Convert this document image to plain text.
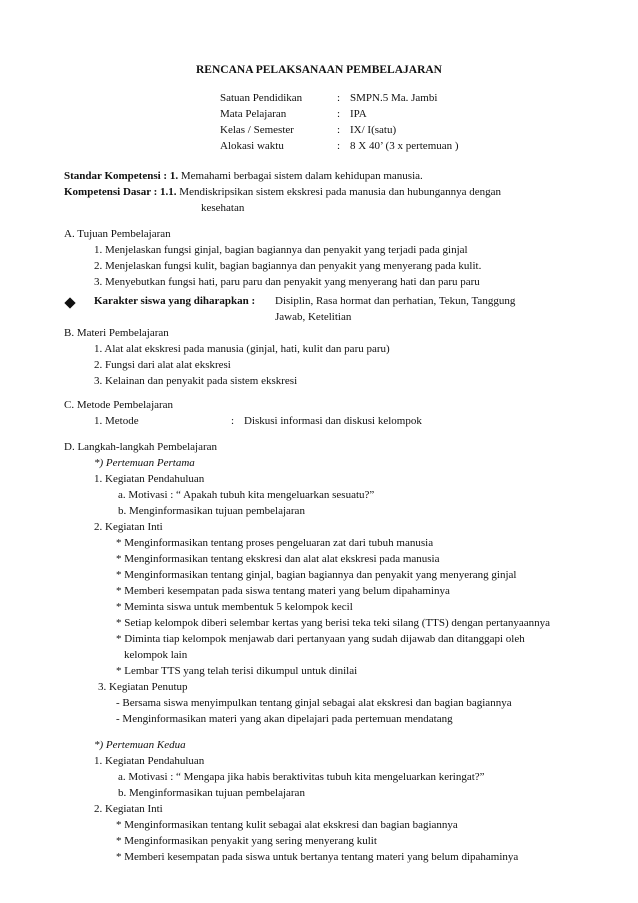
RENCANA PELAKSANAAN PEMBELAJARAN
Satuan Pendidikan	: SMPN.5 Ma. Jambi
Mata Pelajaran	: IPA
Kelas / Semester	: IX/ I(satu)
Alokasi waktu	: 8 X 40’ (3 x pertemuan )
Standar Kompetensi : 1. Memahami berbagai sistem dalam kehidupan manusia.
Kompetensi Dasar : 1.1. Mendiskripsikan sistem ekskresi pada manusia dan hubungannya dengan
kesehatan
A. Tujuan Pembelajaran
1. Menjelaskan fungsi ginjal, bagian bagiannya dan penyakit yang terjadi pada ginjal
2. Menjelaskan fungsi kulit, bagian bagiannya dan penyakit yang menyerang pada kulit.
3. Menyebutkan fungsi hati, paru paru dan penyakit yang menyerang hati dan paru paru
Karakter siswa yang diharapkan : Disiplin, Rasa hormat dan perhatian, Tekun, Tanggung
Jawab, Ketelitian
B. Materi Pembelajaran
1. Alat alat ekskresi pada manusia (ginjal, hati, kulit dan paru paru)
2. Fungsi dari alat alat ekskresi
3. Kelainan dan penyakit pada sistem ekskresi
C. Metode Pembelajaran
1. Metode	: Diskusi informasi dan diskusi kelompok
D. Langkah-langkah Pembelajaran
*) Pertemuan Pertama
1. Kegiatan Pendahuluan
a. Motivasi : “ Apakah tubuh kita mengeluarkan sesuatu?”
b. Menginformasikan tujuan pembelajaran
2. Kegiatan Inti
* Menginformasikan tentang proses pengeluaran zat dari tubuh manusia
* Menginformasikan tentang ekskresi dan alat alat ekskresi pada manusia
* Menginformasikan tentang ginjal, bagian bagiannya dan penyakit yang menyerang ginjal
* Memberi kesempatan pada siswa tentang materi yang belum dipahaminya
* Meminta siswa untuk membentuk 5 kelompok kecil
* Setiap kelompok diberi selembar kertas yang berisi teka teki silang (TTS) dengan pertanyaannya
* Diminta tiap kelompok menjawab dari pertanyaan yang sudah dijawab dan ditanggapi oleh
kelompok lain
* Lembar TTS yang telah terisi dikumpul untuk dinilai
3. Kegiatan Penutup
- Bersama siswa menyimpulkan tentang ginjal sebagai alat ekskresi dan bagian bagiannya
- Menginformasikan materi yang akan dipelajari pada pertemuan mendatang
*) Pertemuan Kedua
1. Kegiatan Pendahuluan
a. Motivasi : “ Mengapa jika habis beraktivitas tubuh kita mengeluarkan keringat?”
b. Menginformasikan tujuan pembelajaran
2. Kegiatan Inti
* Menginformasikan tentang kulit sebagai alat ekskresi dan bagian bagiannya
* Menginformasikan penyakit yang sering menyerang kulit
* Memberi kesempatan pada siswa untuk bertanya tentang materi yang belum dipahaminya
